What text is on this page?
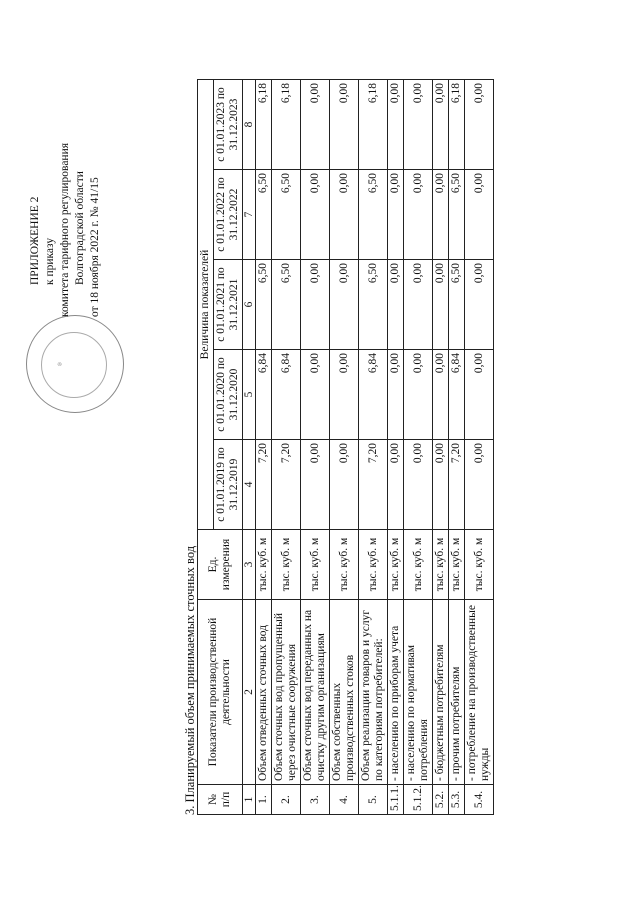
◎
ПРИЛОЖЕНИЕ 2 к приказу комитета тарифного регулирования Волгоградской области от 18 ноября 2022 г. № 41/15
3. Планируемый объем принимаемых сточных вод № п/п	Показатели производственной деятельности	Ед. измерения	Величина показателей				
			с 01.01.2019 по 31.12.2019	с 01.01.2020 по 31.12.2020	с 01.01.2021 по 31.12.2021	с 01.01.2022 по 31.12.2022	с 01.01.2023 по 31.12.2023
1	2	3	4	5	6	7	8
1.	Объем отведенных сточных вод	тыс. куб. м	7,20	6,84	6,50	6,50	6,18
2.	Объем сточных вод пропущенный через очистные сооружения	тыс. куб. м	7,20	6,84	6,50	6,50	6,18
3.	Объем сточных вод переданных на очистку другим организациям	тыс. куб. м	0,00	0,00	0,00	0,00	0,00
4.	Объем собственных производственных стоков	тыс. куб. м	0,00	0,00	0,00	0,00	0,00
5.	Объем реализации товаров и услуг по категориям потребителей:	тыс. куб. м	7,20	6,84	6,50	6,50	6,18
5.1.1.	- населению по приборам учета	тыс. куб. м	0,00	0,00	0,00	0,00	0,00
5.1.2.	- населению по нормативам потребления	тыс. куб. м	0,00	0,00	0,00	0,00	0,00
5.2.	- бюджетным потребителям	тыс. куб. м	0,00	0,00	0,00	0,00	0,00
5.3.	- прочим потребителям	тыс. куб. м	7,20	6,84	6,50	6,50	6,18
5.4.	- потребление на производственные нужды	тыс. куб. м	0,00	0,00	0,00	0,00	0,00
